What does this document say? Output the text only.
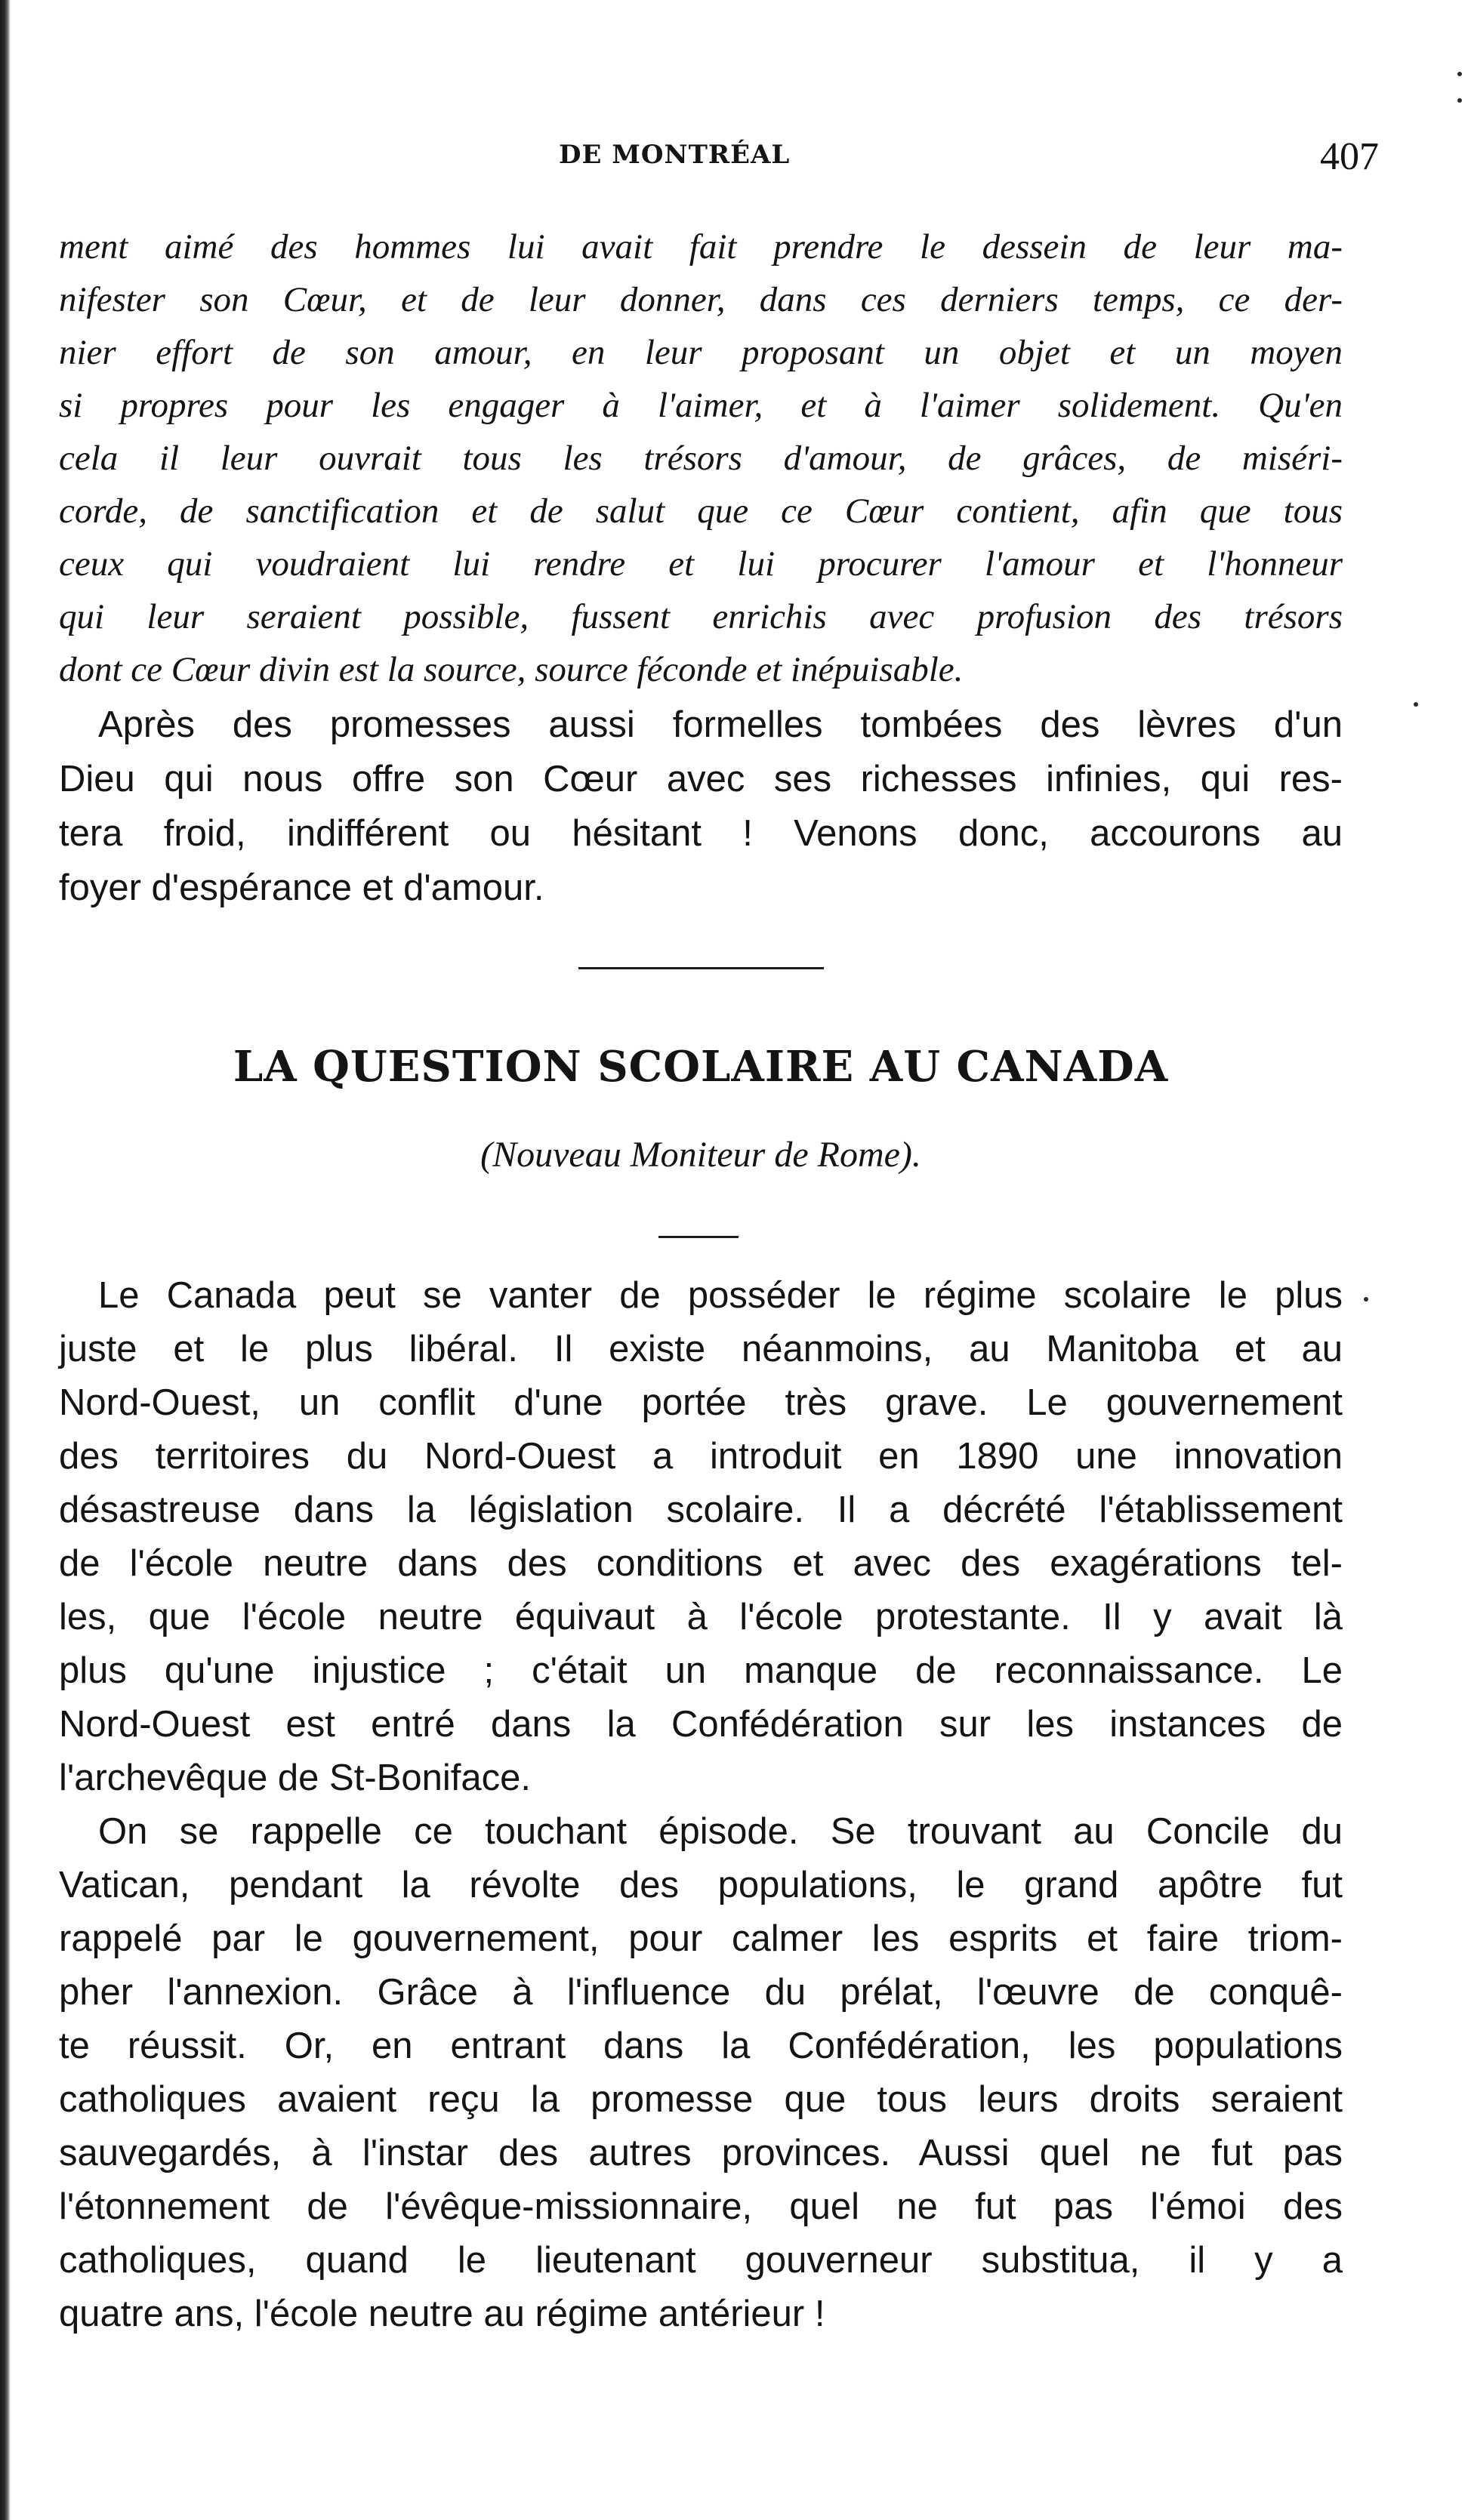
DE MONTRÉAL	407
ment aimé des hommes lui avait fait prendre le dessein de leur ma-
nifester son Cœur, et de leur donner, dans ces derniers temps, ce der-
nier effort de son amour, en leur proposant un objet et un moyen
si propres pour les engager à l'aimer, et à l'aimer solidement. Qu'en
cela il leur ouvrait tous les trésors d'amour, de grâces, de miséri-
corde, de sanctification et de salut que ce Cœur contient, afin que tous
ceux qui voudraient lui rendre et lui procurer l'amour et l'honneur
qui leur seraient possible, fussent enrichis avec profusion des trésors
dont ce Cœur divin est la source, source féconde et inépuisable.
Après des promesses aussi formelles tombées des lèvres d'un
Dieu qui nous offre son Cœur avec ses richesses infinies, qui res-
tera froid, indifférent ou hésitant ! Venons donc, accourons au
foyer d'espérance et d'amour.
LA QUESTION SCOLAIRE AU CANADA
(Nouveau Moniteur de Rome).
Le Canada peut se vanter de posséder le régime scolaire le plus
juste et le plus libéral. Il existe néanmoins, au Manitoba et au
Nord-Ouest, un conflit d'une portée très grave. Le gouvernement
des territoires du Nord-Ouest a introduit en 1890 une innovation
désastreuse dans la législation scolaire. Il a décrété l'établissement
de l'école neutre dans des conditions et avec des exagérations tel-
les, que l'école neutre équivaut à l'école protestante. Il y avait là
plus qu'une injustice ; c'était un manque de reconnaissance. Le
Nord-Ouest est entré dans la Confédération sur les instances de
l'archevêque de St-Boniface.
On se rappelle ce touchant épisode. Se trouvant au Concile du
Vatican, pendant la révolte des populations, le grand apôtre fut
rappelé par le gouvernement, pour calmer les esprits et faire triom-
pher l'annexion. Grâce à l'influence du prélat, l'œuvre de conquê-
te réussit. Or, en entrant dans la Confédération, les populations
catholiques avaient reçu la promesse que tous leurs droits seraient
sauvegardés, à l'instar des autres provinces. Aussi quel ne fut pas
l'étonnement de l'évêque-missionnaire, quel ne fut pas l'émoi des
catholiques, quand le lieutenant gouverneur substitua, il y a
quatre ans, l'école neutre au régime antérieur !
